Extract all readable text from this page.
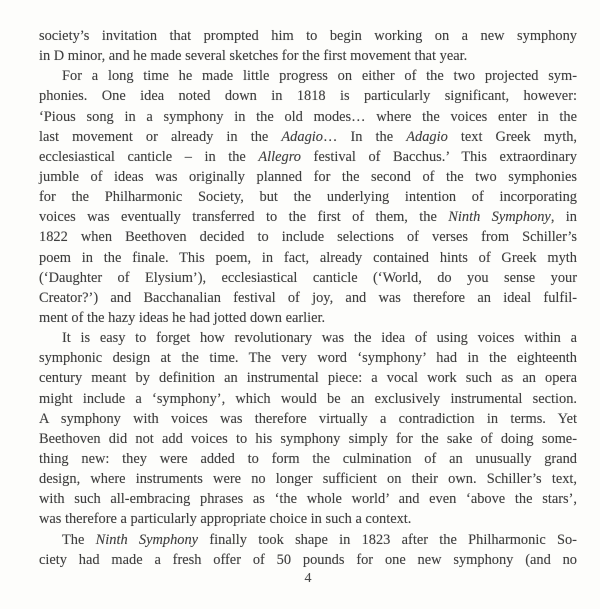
society’s invitation that prompted him to begin working on a new symphony
in D minor, and he made several sketches for the first movement that year.
For a long time he made little progress on either of the two projected sym-
phonies. One idea noted down in 1818 is particularly significant, however:
‘Pious song in a symphony in the old modes… where the voices enter in the
last movement or already in the Adagio… In the Adagio text Greek myth,
ecclesiastical canticle – in the Allegro festival of Bacchus.’ This extraordinary
jumble of ideas was originally planned for the second of the two symphonies
for the Philharmonic Society, but the underlying intention of incorporating
voices was eventually transferred to the first of them, the Ninth Symphony, in
1822 when Beethoven decided to include selections of verses from Schiller’s
poem in the finale. This poem, in fact, already contained hints of Greek myth
(‘Daughter of Elysium’), ecclesiastical canticle (‘World, do you sense your
Creator?’) and Bacchanalian festival of joy, and was therefore an ideal fulfil-
ment of the hazy ideas he had jotted down earlier.
It is easy to forget how revolutionary was the idea of using voices within a
symphonic design at the time. The very word ‘symphony’ had in the eighteenth
century meant by definition an instrumental piece: a vocal work such as an opera
might include a ‘symphony’, which would be an exclusively instrumental section.
A symphony with voices was therefore virtually a contradiction in terms. Yet
Beethoven did not add voices to his symphony simply for the sake of doing some-
thing new: they were added to form the culmination of an unusually grand
design, where instruments were no longer sufficient on their own. Schiller’s text,
with such all-embracing phrases as ‘the whole world’ and even ‘above the stars’,
was therefore a particularly appropriate choice in such a context.
The Ninth Symphony finally took shape in 1823 after the Philharmonic So-
ciety had made a fresh offer of 50 pounds for one new symphony (and no
4
